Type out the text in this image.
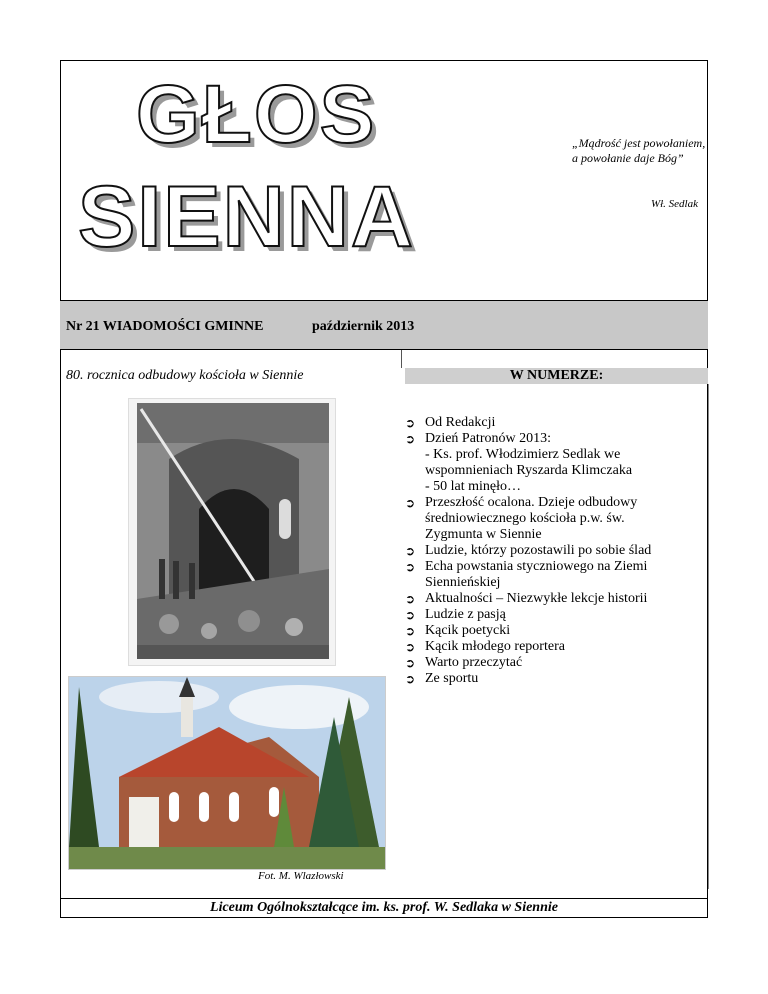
GŁOS
SIENNA
„Mądrość jest powołaniem,
a powołanie daje Bóg”
Wł. Sedlak
Nr 21 WIADOMOŚCI GMINNE	październik 2013
80. rocznica odbudowy kościoła w Siennie	W NUMERZE:
➲ Od Redakcji
➲ Dzień Patronów 2013:
- Ks. prof. Włodzimierz Sedlak we
wspomnieniach Ryszarda Klimczaka
- 50 lat minęło…
➲ Przeszłość ocalona. Dzieje odbudowy
średniowiecznego kościoła p.w. św.
Zygmunta w Siennie
➲ Ludzie, którzy pozostawili po sobie ślad
➲ Echa powstania styczniowego na Ziemi
Siennieńskiej
➲ Aktualności – Niezwykłe lekcje historii
➲ Ludzie z pasją
➲ Kącik poetycki
➲ Kącik młodego reportera
➲ Warto przeczytać
➲ Ze sportu
Fot. M. Wlazłowski
Liceum Ogólnokształcące im. ks. prof. W. Sedlaka w Siennie
